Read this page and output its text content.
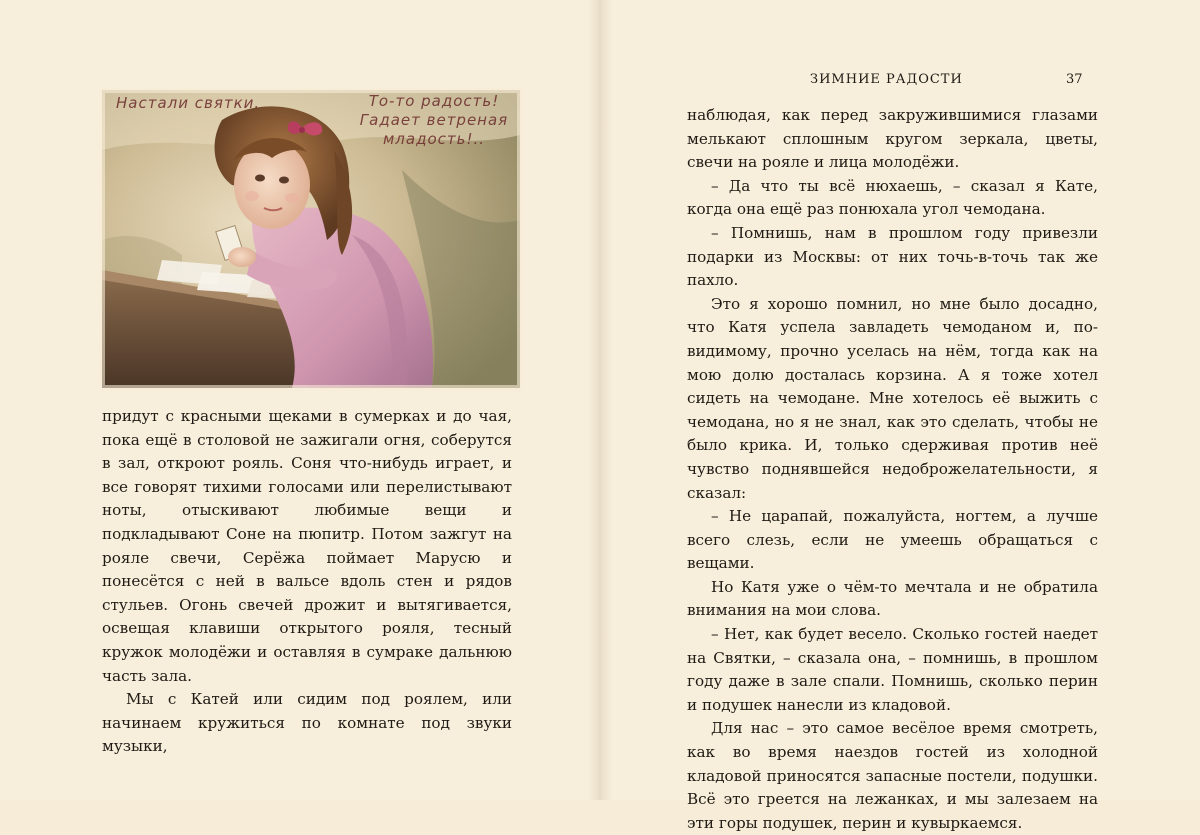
Настали святки.	То-то радость!
Гадает ветреная
младость!..

придут с красными щеками в сумерках и до чая, пока ещё в столовой не зажигали огня, соберутся в зал, откроют рояль. Соня что-нибудь играет, и все говорят тихими голосами или перелистывают ноты, отыскивают любимые вещи и подкладывают Соне на пюпитр. Потом зажгут на рояле свечи, Серёжа поймает Марусю и понесётся с ней в вальсе вдоль стен и рядов стульев. Огонь свечей дрожит и вытягивается, освещая клавиши открытого рояля, тесный кружок молодёжи и оставляя в сумраке дальнюю часть зала.

Мы с Катей или сидим под роялем, или начинаем кружиться по комнате под звуки музыки,

ЗИМНИЕ РАДОСТИ	37

наблюдая, как перед закружившимися глазами мелькают сплошным кругом зеркала, цветы, свечи на рояле и лица молодёжи.

– Да что ты всё нюхаешь, – сказал я Кате, когда она ещё раз понюхала угол чемодана.

– Помнишь, нам в прошлом году привезли подарки из Москвы: от них точь-в-точь так же пахло.

Это я хорошо помнил, но мне было досадно, что Катя успела завладеть чемоданом и, по-видимому, прочно уселась на нём, тогда как на мою долю досталась корзина. А я тоже хотел сидеть на чемодане. Мне хотелось её выжить с чемодана, но я не знал, как это сделать, чтобы не было крика. И, только сдерживая против неё чувство поднявшейся недоброжелательности, я сказал:

– Не царапай, пожалуйста, ногтем, а лучше всего слезь, если не умеешь обращаться с вещами.

Но Катя уже о чём-то мечтала и не обратила внимания на мои слова.

– Нет, как будет весело. Сколько гостей наедет на Святки, – сказала она, – помнишь, в прошлом году даже в зале спали. Помнишь, сколько перин и подушек нанесли из кладовой.

Для нас – это самое весёлое время смотреть, как во время наездов гостей из холодной кладовой приносятся запасные постели, подушки. Всё это греется на лежанках, и мы залезаем на эти горы подушек, перин и кувыркаемся.
